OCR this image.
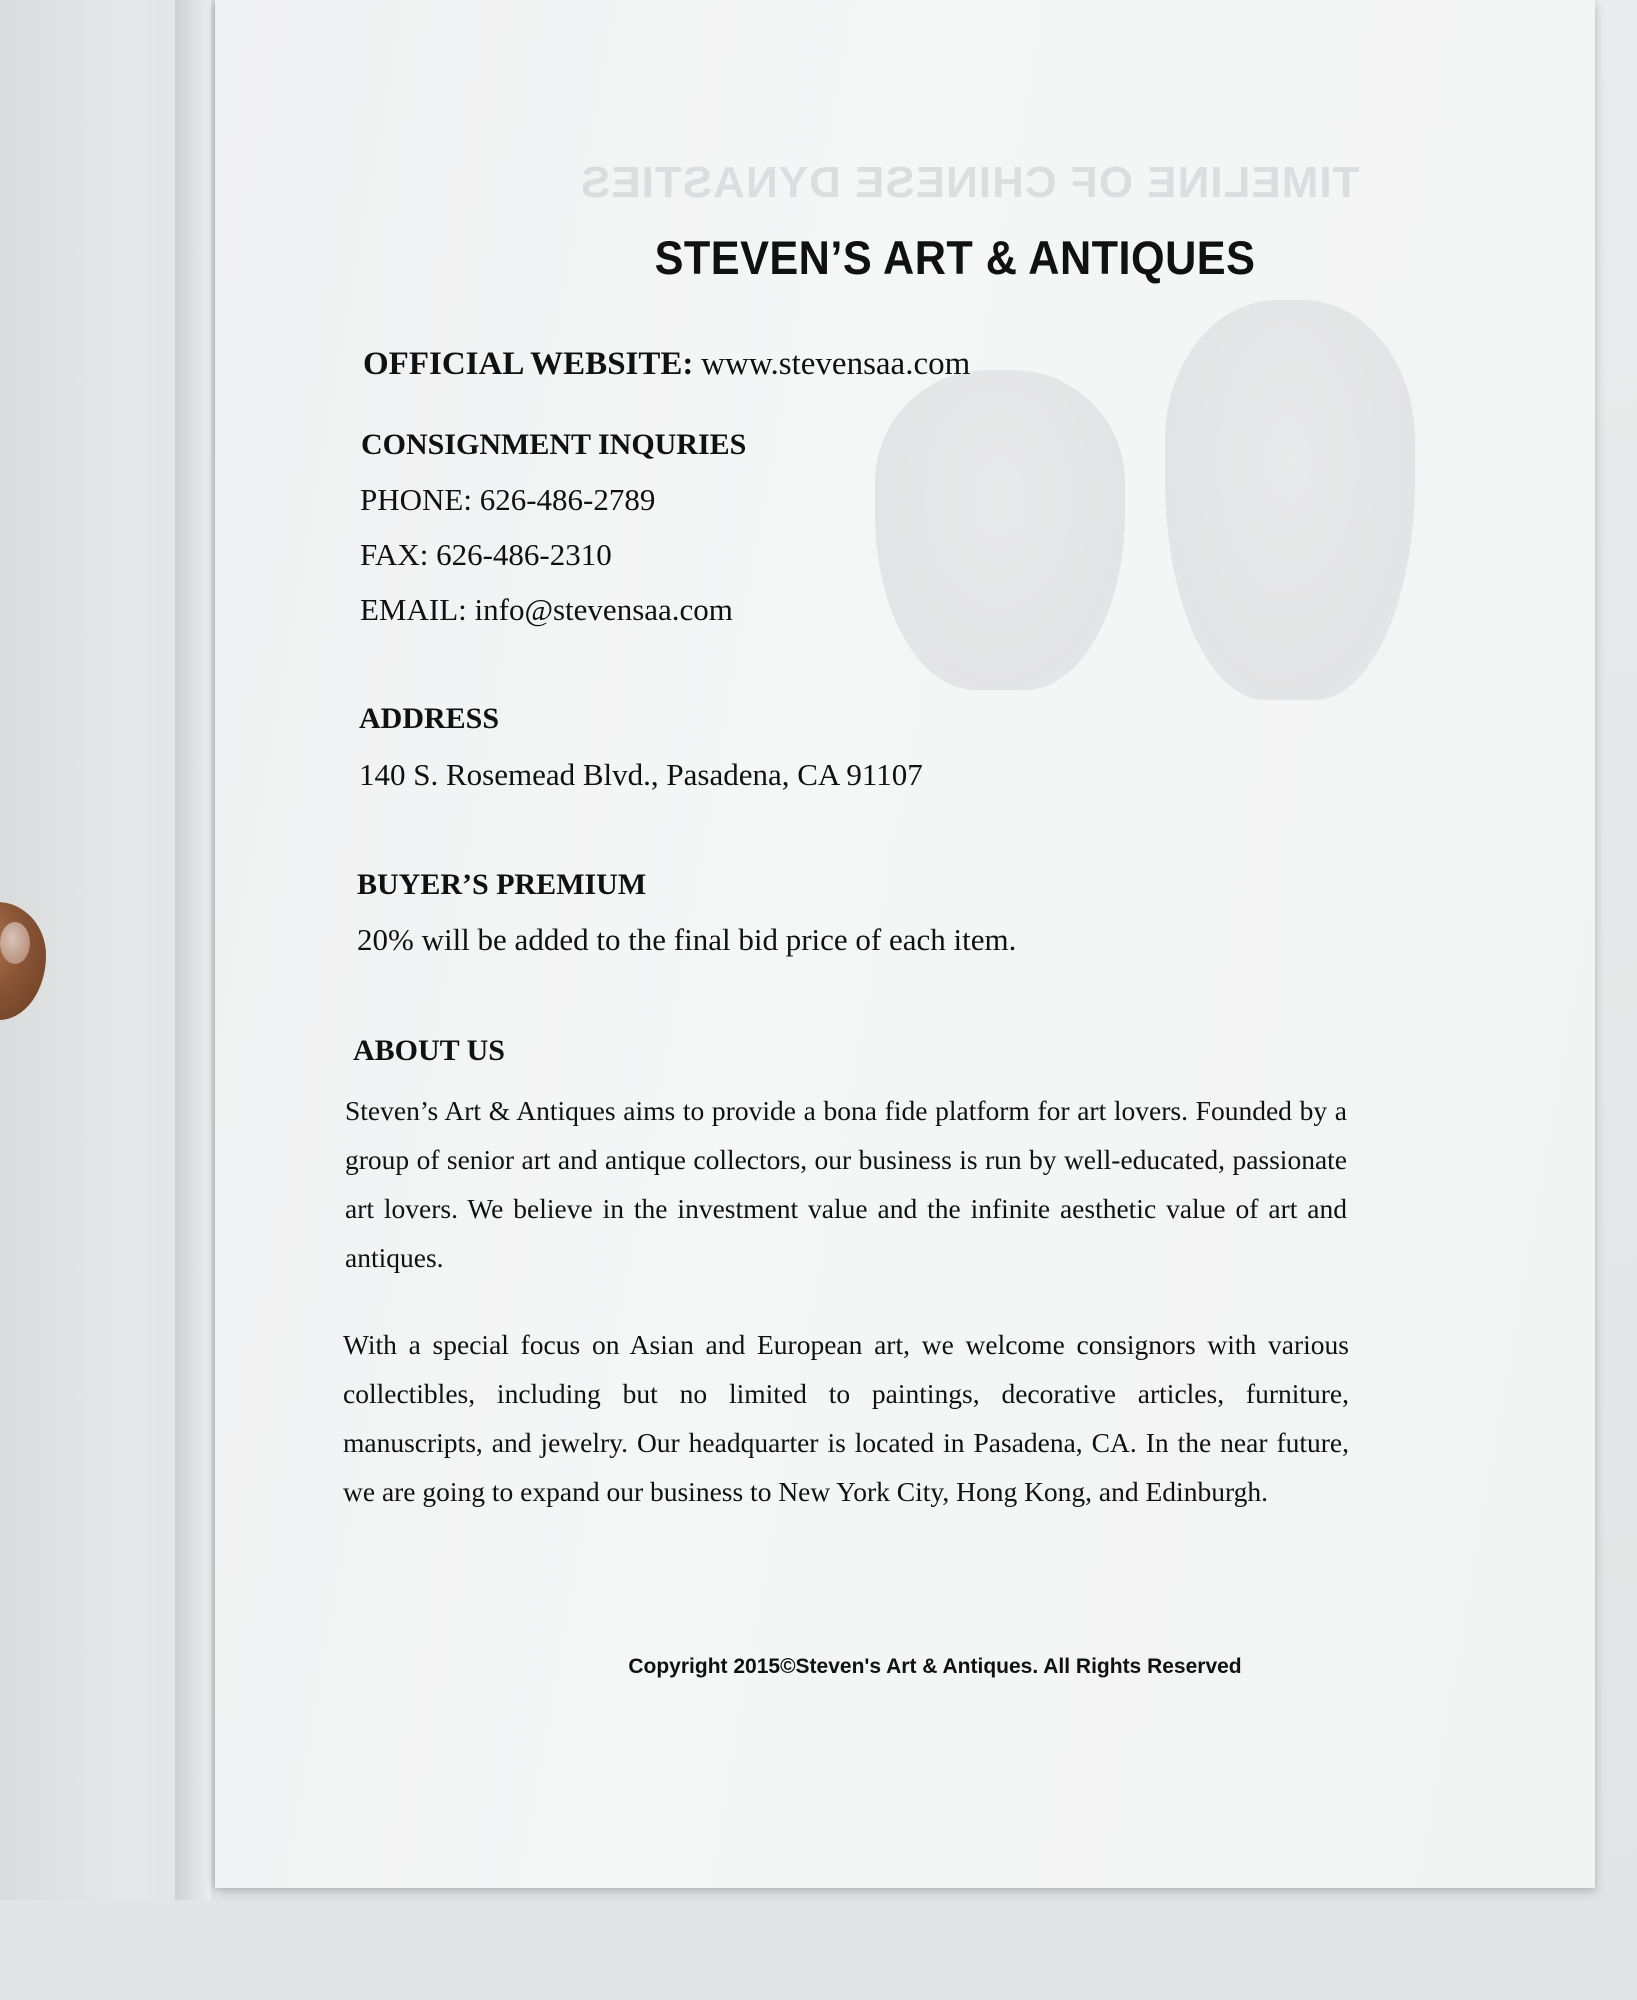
TIMELINE OF CHINESE DYNASTIES
STEVEN’S ART & ANTIQUES
OFFICIAL WEBSITE: www.stevensaa.com
CONSIGNMENT INQURIES
PHONE: 626-486-2789
FAX: 626-486-2310
EMAIL: info@stevensaa.com
ADDRESS
140 S. Rosemead Blvd., Pasadena, CA 91107
BUYER’S PREMIUM
20% will be added to the final bid price of each item.
ABOUT US
Steven’s Art & Antiques aims to provide a bona fide platform for art lovers. Founded by a group of senior art and antique collectors, our business is run by well-educated, passionate art lovers. We believe in the investment value and the infinite aesthetic value of art and antiques.
With a special focus on Asian and European art, we welcome consignors with various collectibles, including but no limited to paintings, decorative articles, furniture, manuscripts, and jewelry. Our headquarter is located in Pasadena, CA. In the near future, we are going to expand our business to New York City, Hong Kong, and Edinburgh.
Copyright 2015©Steven's Art & Antiques. All Rights Reserved
